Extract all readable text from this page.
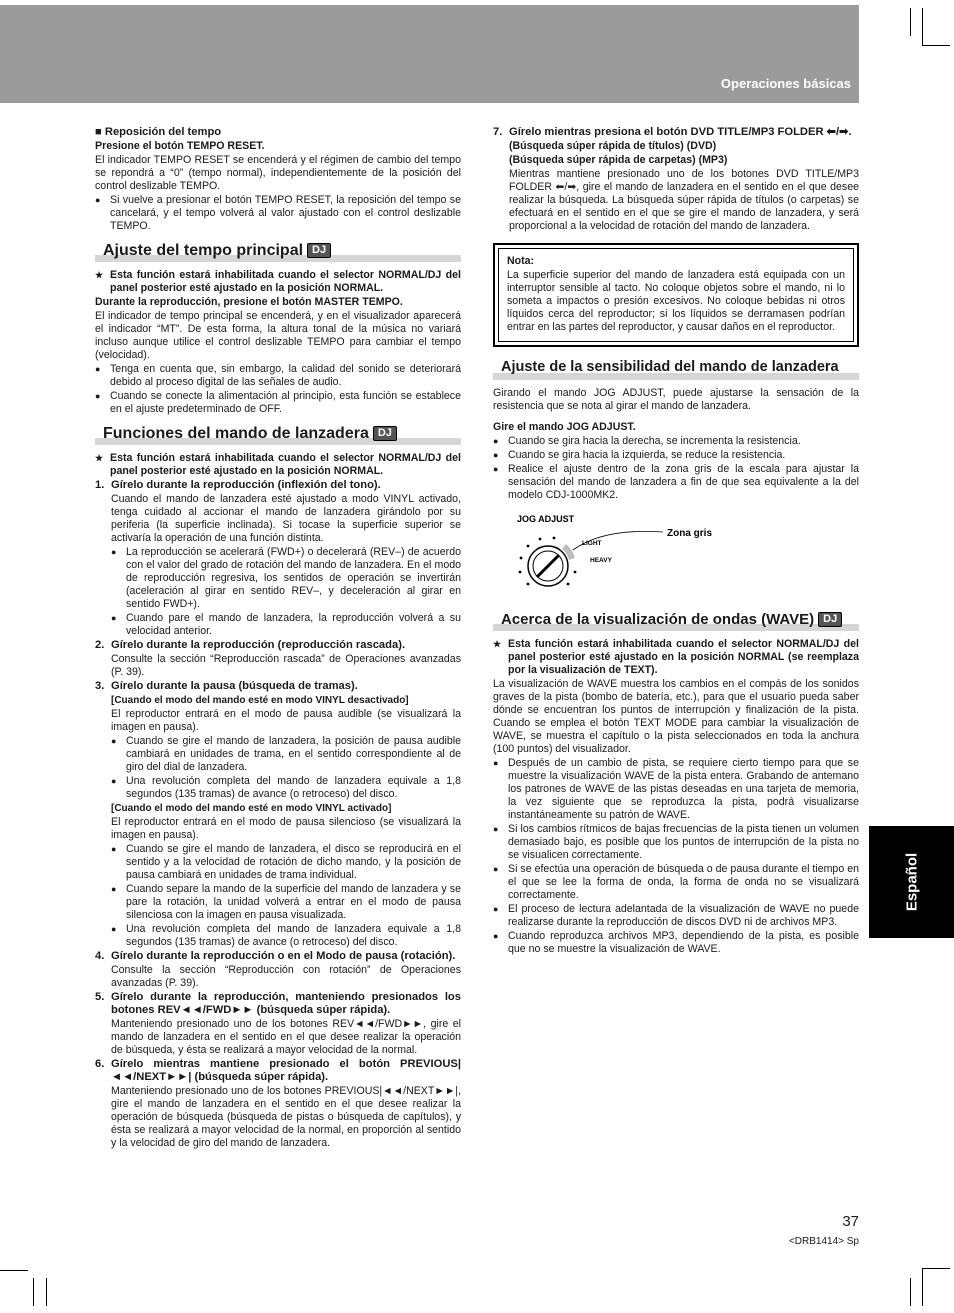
Operaciones básicas

■ Reposición del tempo

Presione el botón TEMPO RESET.

El indicador TEMPO RESET se encenderá y el régimen de cambio del tempo se repondrá a “0” (tempo normal), independientemente de la posición del control deslizable TEMPO.

● Si vuelve a presionar el botón TEMPO RESET, la reposición del tempo se cancelará, y el tempo volverá al valor ajustado con el control deslizable TEMPO.

Ajuste del tempo principal DJ

★ Esta función estará inhabilitada cuando el selector NORMAL/DJ del panel posterior esté ajustado en la posición NORMAL.

Durante la reproducción, presione el botón MASTER TEMPO.

El indicador de tempo principal se encenderá, y en el visualizador aparecerá el indicador “MT”. De esta forma, la altura tonal de la música no variará incluso aunque utilice el control deslizable TEMPO para cambiar el tempo (velocidad).

● Tenga en cuenta que, sin embargo, la calidad del sonido se deteriorará debido al proceso digital de las señales de audio.

● Cuando se conecte la alimentación al principio, esta función se establece en el ajuste predeterminado de OFF.

Funciones del mando de lanzadera DJ

★ Esta función estará inhabilitada cuando el selector NORMAL/DJ del panel posterior esté ajustado en la posición NORMAL.

1. Gírelo durante la reproducción (inflexión del tono).

Cuando el mando de lanzadera esté ajustado a modo VINYL activado, tenga cuidado al accionar el mando de lanzadera girándolo por su periferia (la superficie inclinada). Si tocase la superficie superior se activaría la operación de una función distinta.

● La reproducción se acelerará (FWD+) o decelerará (REV–) de acuerdo con el valor del grado de rotación del mando de lanzadera. En el modo de reproducción regresiva, los sentidos de operación se invertirán (aceleración al girar en sentido REV–, y deceleración al girar en sentido FWD+).

● Cuando pare el mando de lanzadera, la reproducción volverá a su velocidad anterior.

2. Gírelo durante la reproducción (reproducción rascada).

Consulte la sección “Reproducción rascada” de Operaciones avanzadas (P. 39).

3. Gírelo durante la pausa (búsqueda de tramas).

[Cuando el modo del mando esté en modo VINYL desactivado]

El reproductor entrará en el modo de pausa audible (se visualizará la imagen en pausa).

● Cuando se gire el mando de lanzadera, la posición de pausa audible cambiará en unidades de trama, en el sentido correspondiente al de giro del dial de lanzadera.

● Una revolución completa del mando de lanzadera equivale a 1,8 segundos (135 tramas) de avance (o retroceso) del disco.

[Cuando el modo del mando esté en modo VINYL activado]

El reproductor entrará en el modo de pausa silencioso (se visualizará la imagen en pausa).

● Cuando se gire el mando de lanzadera, el disco se reproducirá en el sentido y a la velocidad de rotación de dicho mando, y la posición de pausa cambiará en unidades de trama individual.

● Cuando separe la mando de la superficie del mando de lanzadera y se pare la rotación, la unidad volverá a entrar en el modo de pausa silenciosa con la imagen en pausa visualizada.

● Una revolución completa del mando de lanzadera equivale a 1,8 segundos (135 tramas) de avance (o retroceso) del disco.

4. Gírelo durante la reproducción o en el Modo de pausa (rotación).

Consulte la sección “Reproducción con rotación” de Operaciones avanzadas (P. 39).

5. Gírelo durante la reproducción, manteniendo presionados los botones REV◄◄/FWD►► (búsqueda súper rápida).

Manteniendo presionado uno de los botones REV◄◄/FWD►►, gire el mando de lanzadera en el sentido en el que desee realizar la operación de búsqueda, y ésta se realizará a mayor velocidad de la normal.

6. Gírelo mientras mantiene presionado el botón PREVIOUS|◄◄/NEXT►►| (búsqueda súper rápida).

Manteniendo presionado uno de los botones PREVIOUS|◄◄/NEXT►►|, gire el mando de lanzadera en el sentido en el que desee realizar la operación de búsqueda (búsqueda de pistas o búsqueda de capítulos), y ésta se realizará a mayor velocidad de la normal, en proporción al sentido y la velocidad de giro del mando de lanzadera.

7. Gírelo mientras presiona el botón DVD TITLE/MP3 FOLDER ⬅/➡.

(Búsqueda súper rápida de títulos) (DVD)

(Búsqueda súper rápida de carpetas) (MP3)

Mientras mantiene presionado uno de los botones DVD TITLE/MP3 FOLDER ⬅/➡, gire el mando de lanzadera en el sentido en el que desee realizar la búsqueda. La búsqueda súper rápida de títulos (o carpetas) se efectuará en el sentido en el que se gire el mando de lanzadera, y será proporcional a la velocidad de rotación del mando de lanzadera.

Nota:

La superficie superior del mando de lanzadera está equipada con un interruptor sensible al tacto. No coloque objetos sobre el mando, ni lo someta a impactos o presión excesivos. No coloque bebidas ni otros líquidos cerca del reproductor; si los líquidos se derramasen podrían entrar en las partes del reproductor, y causar daños en el reproductor.

Ajuste de la sensibilidad del mando de lanzadera

Girando el mando JOG ADJUST, puede ajustarse la sensación de la resistencia que se nota al girar el mando de lanzadera.

Gire el mando JOG ADJUST.

● Cuando se gira hacia la derecha, se incrementa la resistencia.

● Cuando se gira hacia la izquierda, se reduce la resistencia.

● Realice el ajuste dentro de la zona gris de la escala para ajustar la sensación del mando de lanzadera a fin de que sea equivalente a la del modelo CDJ-1000MK2.

JOG ADJUST
LIGHT
HEAVY
Zona gris
Acerca de la visualización de ondas (WAVE) DJ

★ Esta función estará inhabilitada cuando el selector NORMAL/DJ del panel posterior esté ajustado en la posición NORMAL (se reemplaza por la visualización de TEXT).

La visualización de WAVE muestra los cambios en el compás de los sonidos graves de la pista (bombo de batería, etc.), para que el usuario pueda saber dónde se encuentran los puntos de interrupción y finalización de la pista. Cuando se emplea el botón TEXT MODE para cambiar la visualización de WAVE, se muestra el capítulo o la pista seleccionados en toda la anchura (100 puntos) del visualizador.

● Después de un cambio de pista, se requiere cierto tiempo para que se muestre la visualización WAVE de la pista entera. Grabando de antemano los patrones de WAVE de las pistas deseadas en una tarjeta de memoria, la vez siguiente que se reproduzca la pista, podrá visualizarse instantáneamente su patrón de WAVE.

● Si los cambios rítmicos de bajas frecuencias de la pista tienen un volumen demasiado bajo, es posible que los puntos de interrupción de la pista no se visualicen correctamente.

● Si se efectúa una operación de búsqueda o de pausa durante el tiempo en el que se lee la forma de onda, la forma de onda no se visualizará correctamente.

● El proceso de lectura adelantada de la visualización de WAVE no puede realizarse durante la reproducción de discos DVD ni de archivos MP3.

● Cuando reproduzca archivos MP3, dependiendo de la pista, es posible que no se muestre la visualización de WAVE.

Español
37
<DRB1414> Sp
